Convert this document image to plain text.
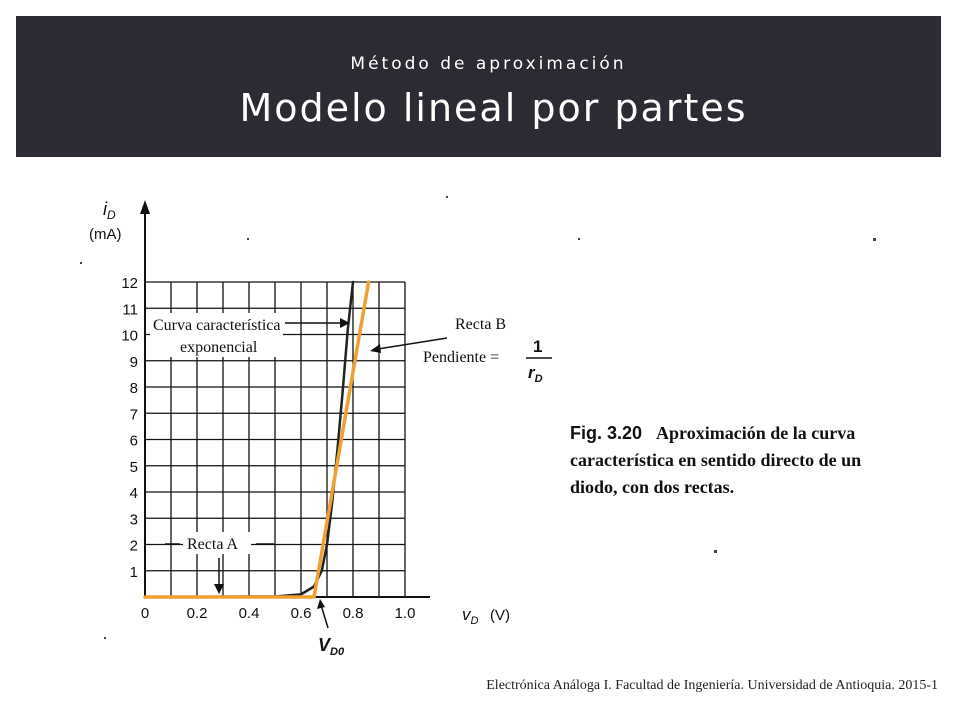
Método de aproximación
Modelo lineal por partes
1
2
3
4
5
6
7
8
9
10
11
12
0 0.2 0.4 0.6 0.8 1.0
$i_D$
(mA)
$v_D$ (V)
$V_{D0}$
Curva característica
exponencial
Recta B
Pendiente =
1
$r_D$
Recta A
Fig. 3.20 Aproximación de la curva característica en sentido directo de un diodo, con dos rectas.
Electrónica Análoga I. Facultad de Ingeniería. Universidad de Antioquia. 2015-1
